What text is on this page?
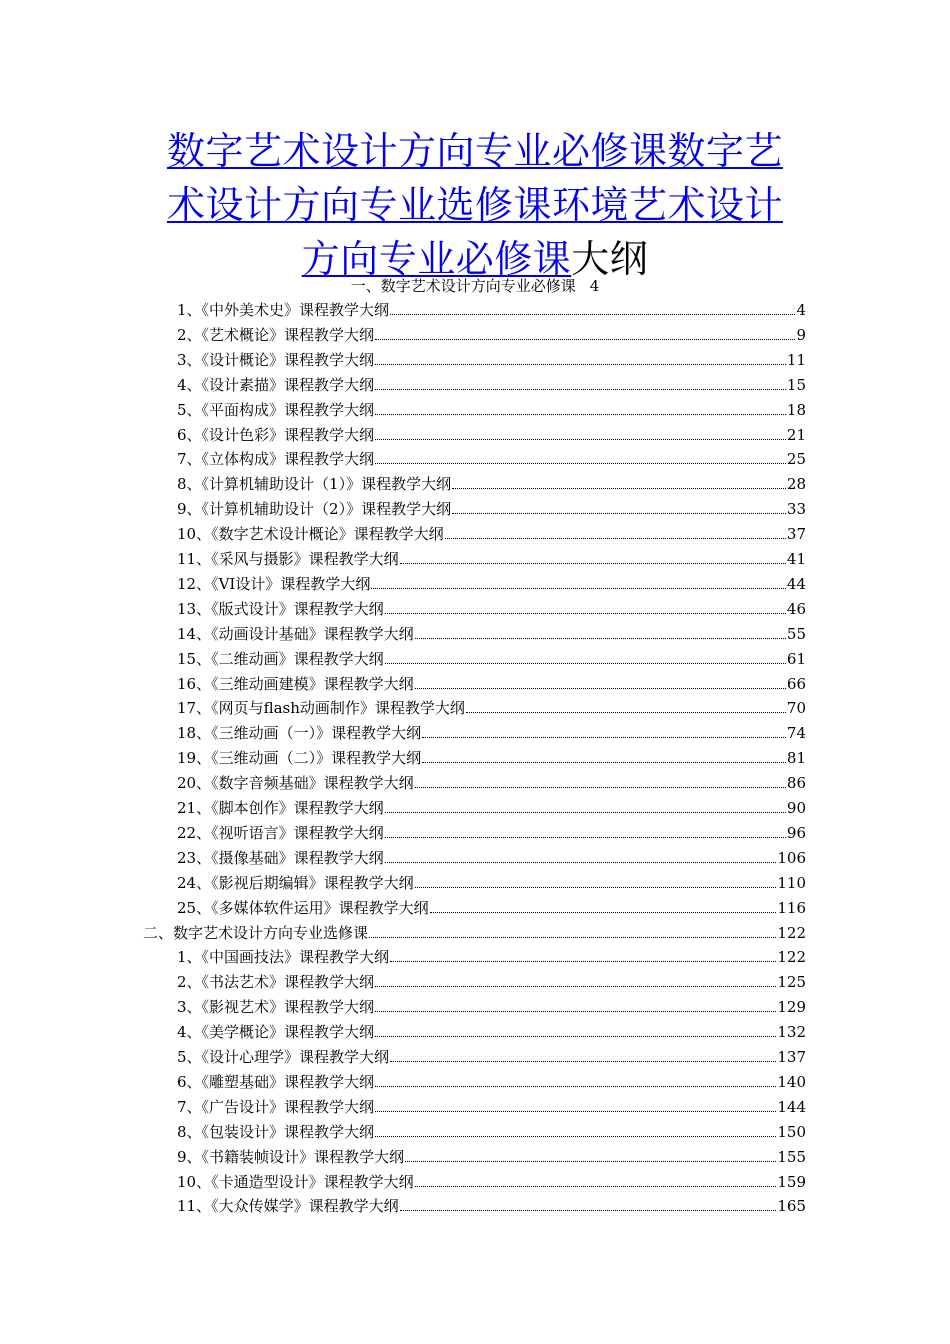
数字艺术设计方向专业必修课数字艺术设计方向专业选修课环境艺术设计方向专业必修课大纲
一、数字艺术设计方向专业必修课 4
1、《中外美术史》课程教学大纲	4
2、《艺术概论》课程教学大纲	9
3、《设计概论》课程教学大纲	11
4、《设计素描》课程教学大纲	15
5、《平面构成》课程教学大纲	18
6、《设计色彩》课程教学大纲	21
7、《立体构成》课程教学大纲	25
8、《计算机辅助设计（1）》课程教学大纲	28
9、《计算机辅助设计（2）》课程教学大纲	33
10、《数字艺术设计概论》课程教学大纲	37
11、《采风与摄影》课程教学大纲	41
12、《VI设计》课程教学大纲	44
13、《版式设计》课程教学大纲	46
14、《动画设计基础》课程教学大纲	55
15、《二维动画》课程教学大纲	61
16、《三维动画建模》课程教学大纲	66
17、《网页与flash动画制作》课程教学大纲	70
18、《三维动画（一）》课程教学大纲	74
19、《三维动画（二）》课程教学大纲	81
20、《数字音频基础》课程教学大纲	86
21、《脚本创作》课程教学大纲	90
22、《视听语言》课程教学大纲	96
23、《摄像基础》课程教学大纲	106
24、《影视后期编辑》课程教学大纲	110
25、《多媒体软件运用》课程教学大纲	116
二、数字艺术设计方向专业选修课	122
1、《中国画技法》课程教学大纲	122
2、《书法艺术》课程教学大纲	125
3、《影视艺术》课程教学大纲	129
4、《美学概论》课程教学大纲	132
5、《设计心理学》课程教学大纲	137
6、《雕塑基础》课程教学大纲	140
7、《广告设计》课程教学大纲	144
8、《包装设计》课程教学大纲	150
9、《书籍装帧设计》课程教学大纲	155
10、《卡通造型设计》课程教学大纲	159
11、《大众传媒学》课程教学大纲	165
